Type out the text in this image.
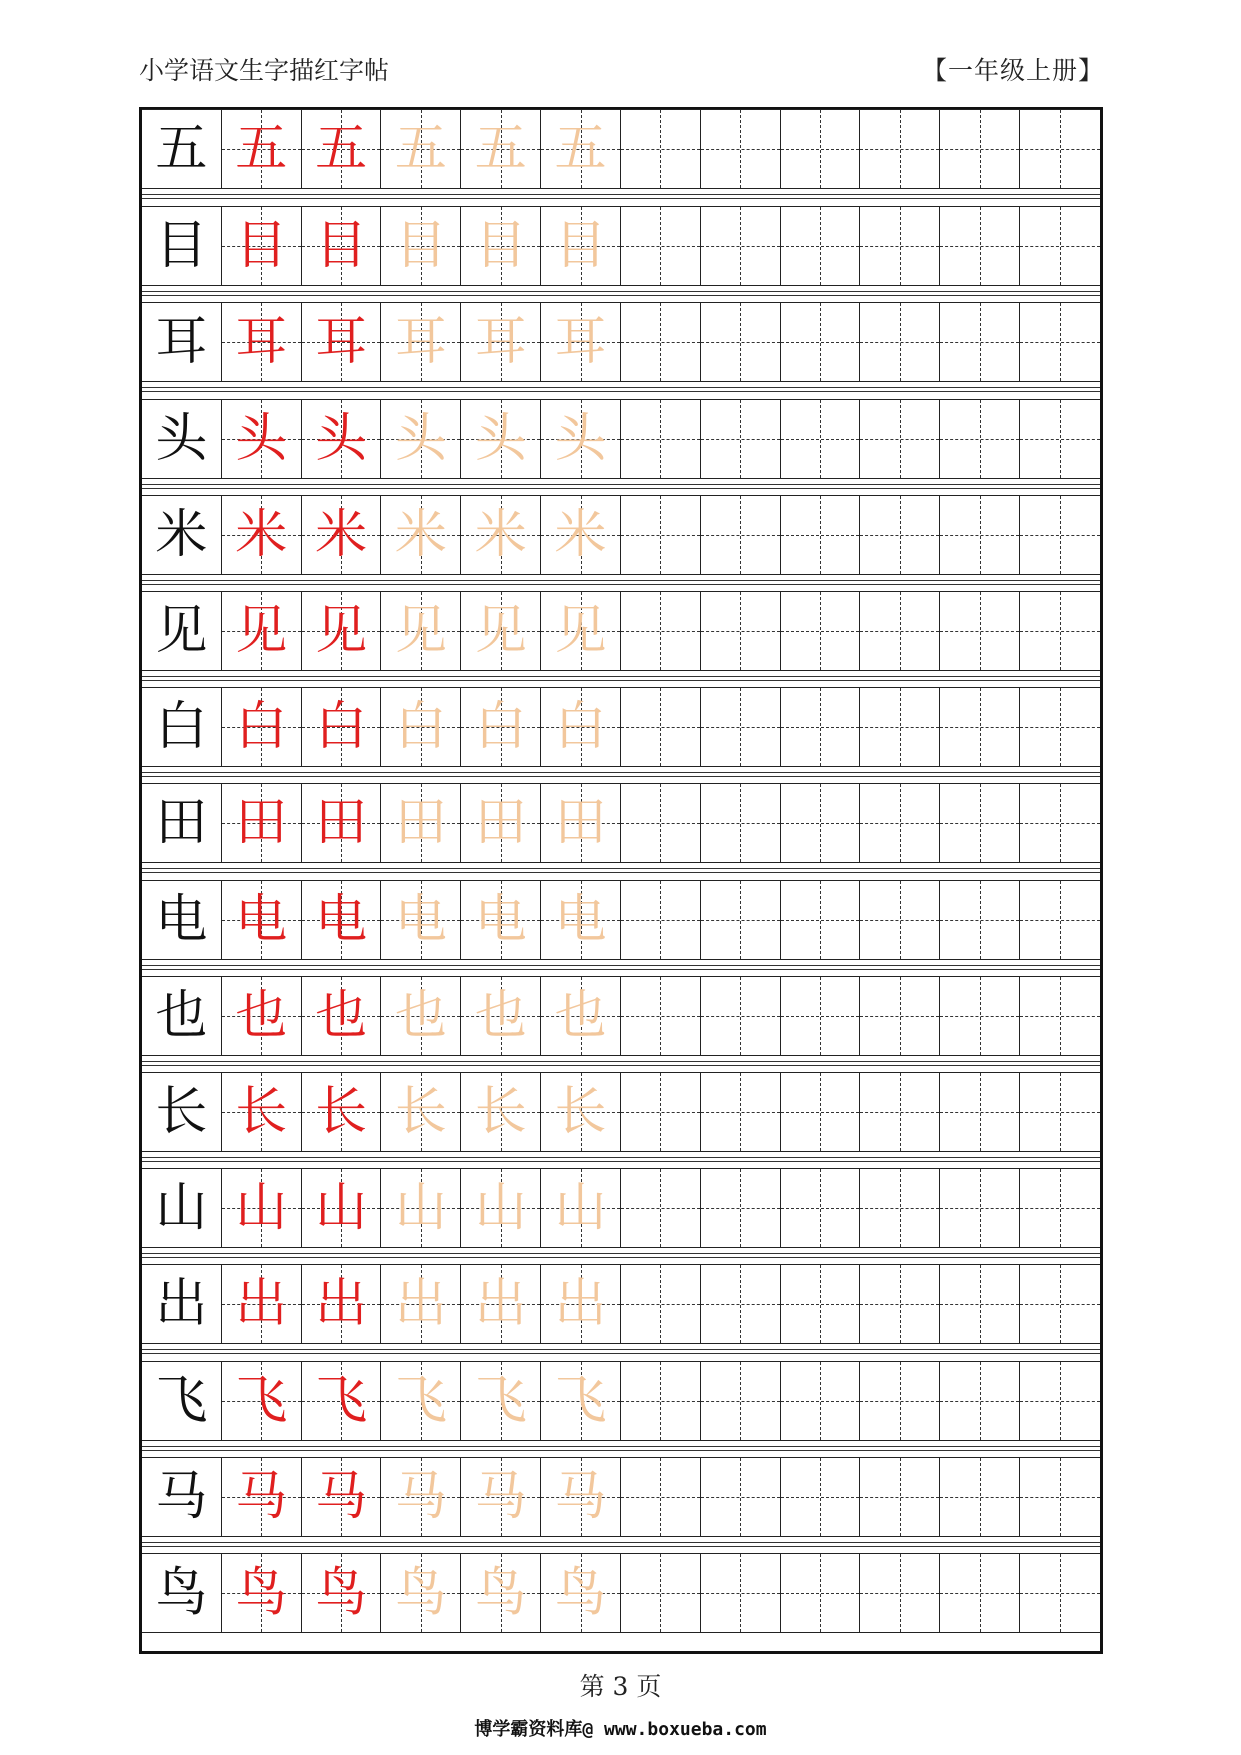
小学语文生字描红字帖	【一年级上册】
五 五 五 五 五 五
目 目 目 目 目 目
耳 耳 耳 耳 耳 耳
头 头 头 头 头 头
米 米 米 米 米 米
见 见 见 见 见 见
白 白 白 白 白 白
田 田 田 田 田 田
电 电 电 电 电 电
也 也 也 也 也 也
长 长 长 长 长 长
山 山 山 山 山 山
出 出 出 出 出 出
飞 飞 飞 飞 飞 飞
马 马 马 马 马 马
鸟 鸟 鸟 鸟 鸟 鸟
第 3 页
博学霸资料库@ www.boxueba.com
